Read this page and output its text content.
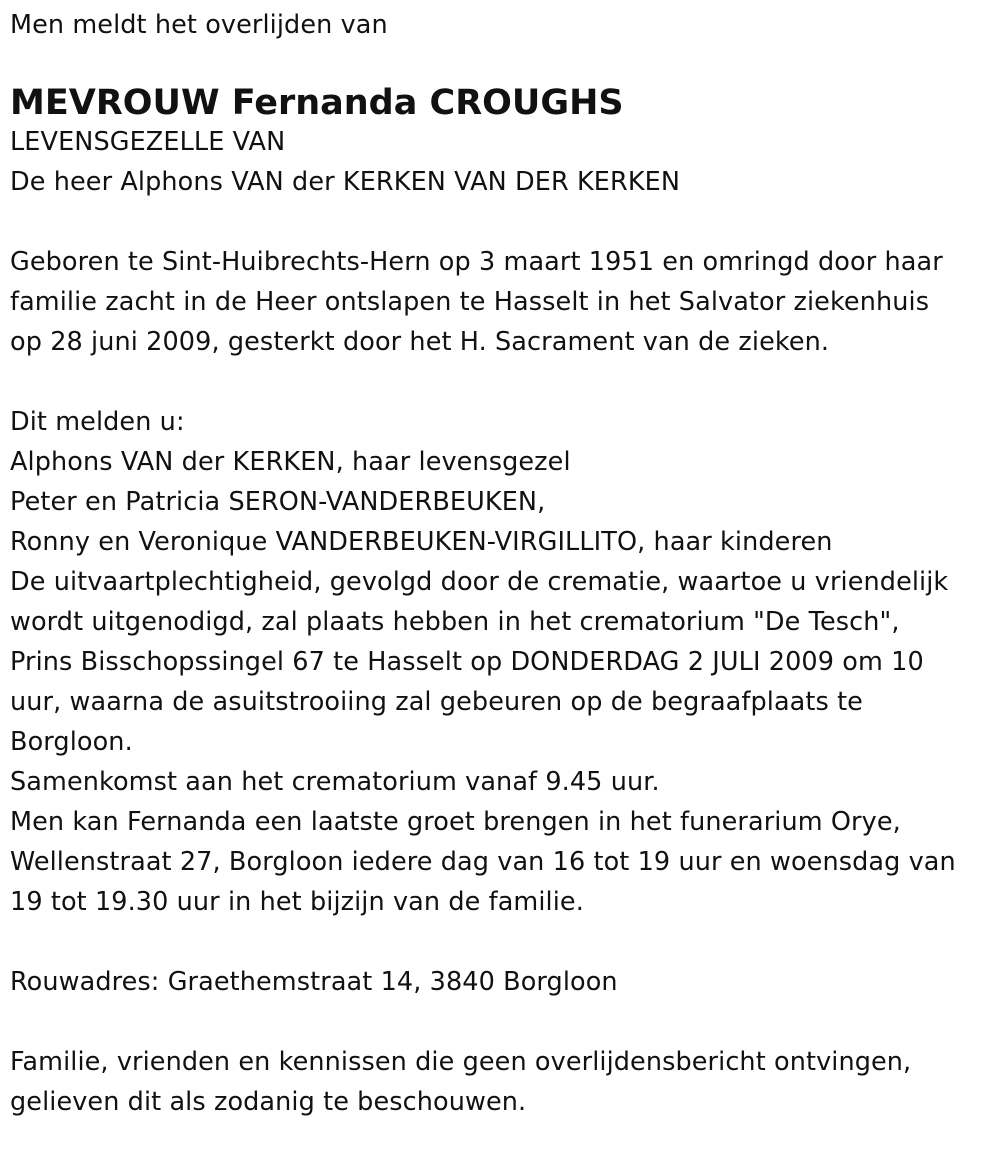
Men meldt het overlijden van
MEVROUW Fernanda CROUGHS
LEVENSGEZELLE VAN
De heer Alphons VAN der KERKEN VAN DER KERKEN
Geboren te Sint-Huibrechts-Hern op 3 maart 1951 en omringd door haar
familie zacht in de Heer ontslapen te Hasselt in het Salvator ziekenhuis
op 28 juni 2009, gesterkt door het H. Sacrament van de zieken.
Dit melden u:
Alphons VAN der KERKEN, haar levensgezel
Peter en Patricia SERON-VANDERBEUKEN,
Ronny en Veronique VANDERBEUKEN-VIRGILLITO, haar kinderen
De uitvaartplechtigheid, gevolgd door de crematie, waartoe u vriendelijk
wordt uitgenodigd, zal plaats hebben in het crematorium "De Tesch",
Prins Bisschopssingel 67 te Hasselt op DONDERDAG 2 JULI 2009 om 10
uur, waarna de asuitstrooiing zal gebeuren op de begraafplaats te
Borgloon.
Samenkomst aan het crematorium vanaf 9.45 uur.
Men kan Fernanda een laatste groet brengen in het funerarium Orye,
Wellenstraat 27, Borgloon iedere dag van 16 tot 19 uur en woensdag van
19 tot 19.30 uur in het bijzijn van de familie.
Rouwadres: Graethemstraat 14, 3840 Borgloon
Familie, vrienden en kennissen die geen overlijdensbericht ontvingen,
gelieven dit als zodanig te beschouwen.
